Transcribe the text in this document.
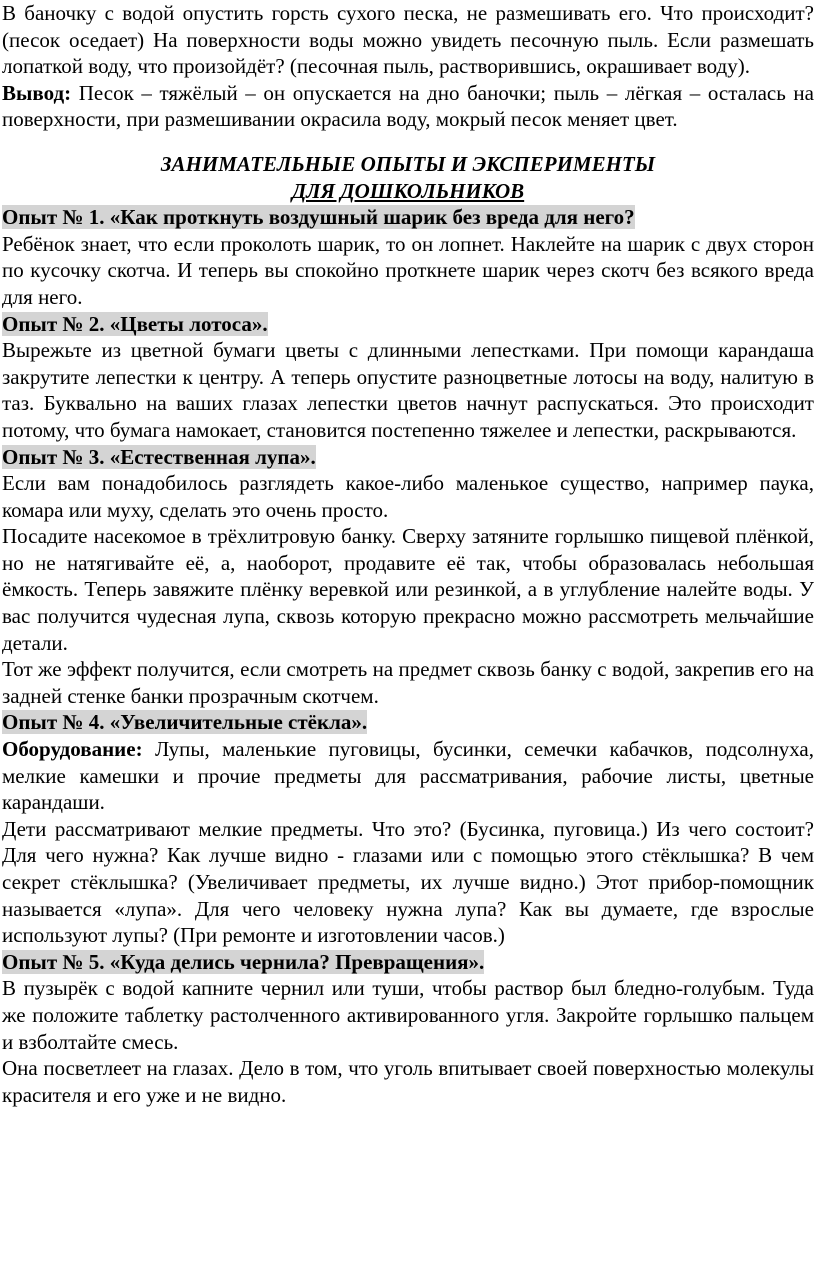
В баночку с водой опустить горсть сухого песка, не размешивать его. Что происходит? (песок оседает) На поверхности воды можно увидеть песочную пыль. Если размешать лопаткой воду, что произойдёт? (песочная пыль, растворившись, окрашивает воду).

Вывод: Песок – тяжёлый – он опускается на дно баночки; пыль – лёгкая – осталась на поверхности, при размешивании окрасила воду, мокрый песок меняет цвет.

ЗАНИМАТЕЛЬНЫЕ ОПЫТЫ И ЭКСПЕРИМЕНТЫ

ДЛЯ ДОШКОЛЬНИКОВ

Опыт № 1. «Как проткнуть воздушный шарик без вреда для него?

Ребёнок знает, что если проколоть шарик, то он лопнет. Наклейте на шарик с двух сторон по кусочку скотча. И теперь вы спокойно проткнете шарик через скотч без всякого вреда для него.

Опыт № 2. «Цветы лотоса».

Вырежьте из цветной бумаги цветы с длинными лепестками. При помощи карандаша закрутите лепестки к центру. А теперь опустите разноцветные лотосы на воду, налитую в таз. Буквально на ваших глазах лепестки цветов начнут распускаться. Это происходит потому, что бумага намокает, становится постепенно тяжелее и лепестки, раскрываются.

Опыт № 3. «Естественная лупа».

Если вам понадобилось разглядеть какое-либо маленькое существо, например паука, комара или муху, сделать это очень просто.

Посадите насекомое в трёхлитровую банку. Сверху затяните горлышко пищевой плёнкой, но не натягивайте её, а, наоборот, продавите её так, чтобы образовалась небольшая ёмкость. Теперь завяжите плёнку веревкой или резинкой, а в углубление налейте воды. У вас получится чудесная лупа, сквозь которую прекрасно можно рассмотреть мельчайшие детали.

Тот же эффект получится, если смотреть на предмет сквозь банку с водой, закрепив его на задней стенке банки прозрачным скотчем.

Опыт № 4. «Увеличительные стёкла».

Оборудование: Лупы, маленькие пуговицы, бусинки, семечки кабачков, подсолнуха, мелкие камешки и прочие предметы для рассматривания, рабочие листы, цветные карандаши.

Дети рассматривают мелкие предметы. Что это? (Бусинка, пуговица.) Из чего состоит? Для чего нужна? Как лучше видно - глазами или с помощью этого стёклышка? В чем секрет стёклышка? (Увеличивает предметы, их лучше видно.) Этот прибор-помощник называется «лупа». Для чего человеку нужна лупа? Как вы думаете, где взрослые используют лупы? (При ремонте и изготовлении часов.)

Опыт № 5. «Куда делись чернила? Превращения».

В пузырёк с водой капните чернил или туши, чтобы раствор был бледно-голубым. Туда же положите таблетку растолченного активированного угля. Закройте горлышко пальцем и взболтайте смесь.

Она посветлеет на глазах. Дело в том, что уголь впитывает своей поверхностью молекулы красителя и его уже и не видно.
